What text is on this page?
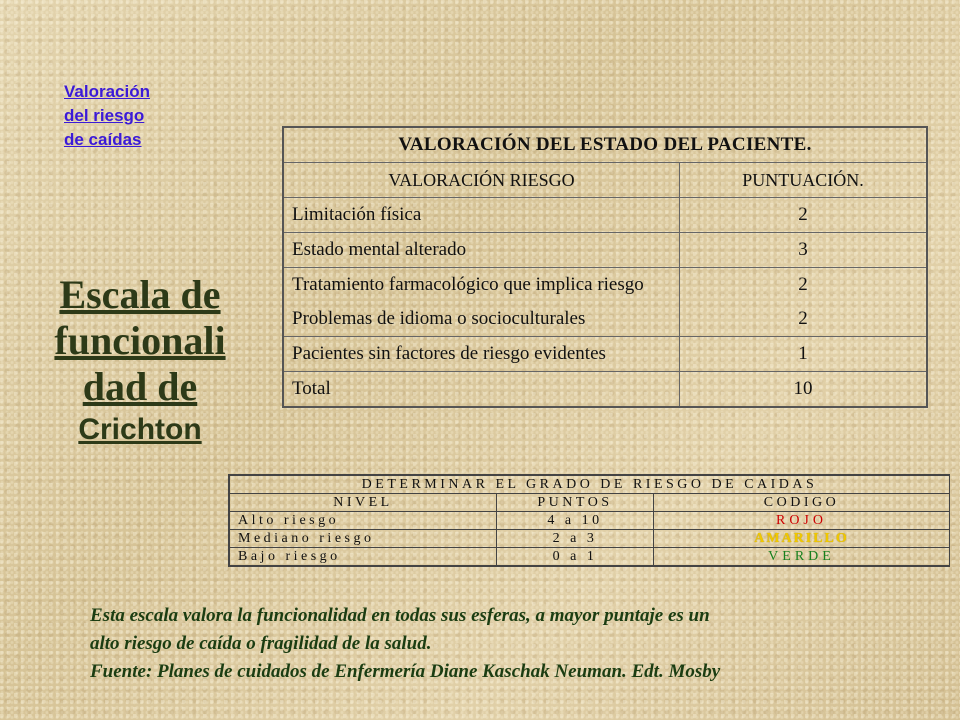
Valoración
del riesgo
de caídas
Escala de
funcionali
dad de
Crichton
VALORACIÓN DEL ESTADO DEL PACIENTE.	
VALORACIÓN RIESGO	PUNTUACIÓN.
Limitación física	2
Estado mental alterado	3
Tratamiento farmacológico que implica riesgo	2
Problemas de idioma o socioculturales	2
Pacientes sin factores de riesgo evidentes	1
Total	10
DETERMINAR EL GRADO DE RIESGO DE CAIDAS		
NIVEL	PUNTOS	CODIGO
Alto riesgo	4 a 10	ROJO
Mediano riesgo	2 a 3	AMARILLO
Bajo riesgo	0 a 1	VERDE
Esta escala valora la funcionalidad en todas sus esferas, a mayor puntaje es un
alto riesgo de caída o fragilidad de la salud.
Fuente: Planes de cuidados de Enfermería Diane Kaschak Neuman. Edt. Mosby
